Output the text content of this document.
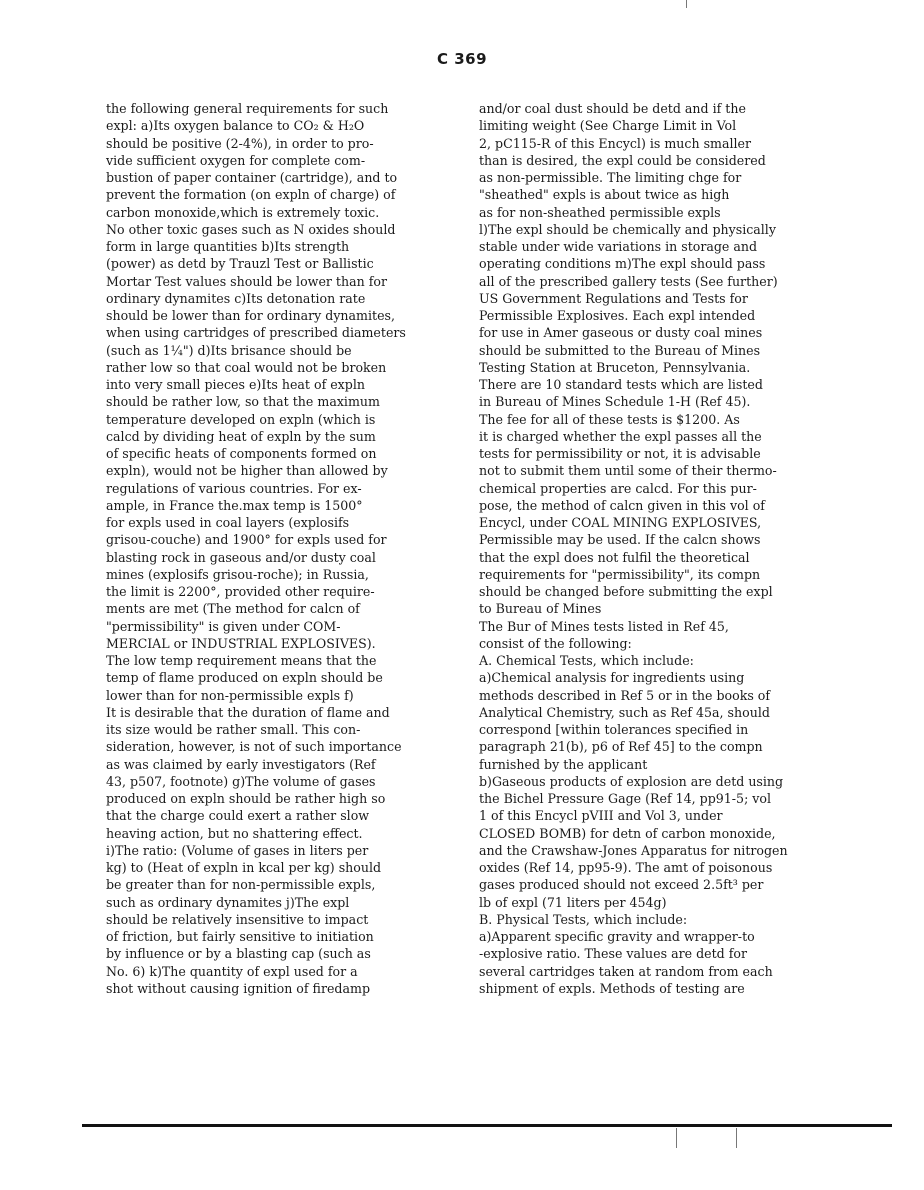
C 369
the following general requirements for such
expl: a)Its oxygen balance to CO₂ & H₂O
should be positive (2-4%), in order to pro-
vide sufficient oxygen for complete com-
bustion of paper container (cartridge), and to
prevent the formation (on expln of charge) of
carbon monoxide,which is extremely toxic.
No other toxic gases such as N oxides should
form in large quantities b)Its strength
(power) as detd by Trauzl Test or Ballistic
Mortar Test values should be lower than for
ordinary dynamites c)Its detonation rate
should be lower than for ordinary dynamites,
when using cartridges of prescribed diameters
(such as 1¼") d)Its brisance should be
rather low so that coal would not be broken
into very small pieces e)Its heat of expln
should be rather low, so that the maximum
temperature developed on expln (which is
calcd by dividing heat of expln by the sum
of specific heats of components formed on
expln), would not be higher than allowed by
regulations of various countries. For ex-
ample, in France the.max temp is 1500°
for expls used in coal layers (explosifs
grisou-couche) and 1900° for expls used for
blasting rock in gaseous and/or dusty coal
mines (explosifs grisou-roche); in Russia,
the limit is 2200°, provided other require-
ments are met (The method for calcn of
"permissibility" is given under COM-
MERCIAL or INDUSTRIAL EXPLOSIVES).
The low temp requirement means that the
temp of flame produced on expln should be
lower than for non-permissible expls f)
It is desirable that the duration of flame and
its size would be rather small. This con-
sideration, however, is not of such importance
as was claimed by early investigators (Ref
43, p507, footnote) g)The volume of gases
produced on expln should be rather high so
that the charge could exert a rather slow
heaving action, but no shattering effect.
i)The ratio: (Volume of gases in liters per
kg) to (Heat of expln in kcal per kg) should
be greater than for non-permissible expls,
such as ordinary dynamites j)The expl
should be relatively insensitive to impact
of friction, but fairly sensitive to initiation
by influence or by a blasting cap (such as
No. 6) k)The quantity of expl used for a
shot without causing ignition of firedamp
and/or coal dust should be detd and if the
limiting weight (See Charge Limit in Vol
2, pC115-R of this Encycl) is much smaller
than is desired, the expl could be considered
as non-permissible. The limiting chge for
"sheathed" expls is about twice as high
as for non-sheathed permissible expls
l)The expl should be chemically and physically
stable under wide variations in storage and
operating conditions m)The expl should pass
all of the prescribed gallery tests (See further)
US Government Regulations and Tests for
Permissible Explosives. Each expl intended
for use in Amer gaseous or dusty coal mines
should be submitted to the Bureau of Mines
Testing Station at Bruceton, Pennsylvania.
There are 10 standard tests which are listed
in Bureau of Mines Schedule 1-H (Ref 45).
The fee for all of these tests is $1200. As
it is charged whether the expl passes all the
tests for permissibility or not, it is advisable
not to submit them until some of their thermo-
chemical properties are calcd. For this pur-
pose, the method of calcn given in this vol of
Encycl, under COAL MINING EXPLOSIVES,
Permissible may be used. If the calcn shows
that the expl does not fulfil the theoretical
requirements for "permissibility", its compn
should be changed before submitting the expl
to Bureau of Mines
The Bur of Mines tests listed in Ref 45,
consist of the following:
A. Chemical Tests, which include:
a)Chemical analysis for ingredients using
methods described in Ref 5 or in the books of
Analytical Chemistry, such as Ref 45a, should
correspond [within tolerances specified in
paragraph 21(b), p6 of Ref 45] to the compn
furnished by the applicant
b)Gaseous products of explosion are detd using
the Bichel Pressure Gage (Ref 14, pp91-5; vol
1 of this Encycl pVIII and Vol 3, under
CLOSED BOMB) for detn of carbon monoxide,
and the Crawshaw-Jones Apparatus for nitrogen
oxides (Ref 14, pp95-9). The amt of poisonous
gases produced should not exceed 2.5ft³ per
lb of expl (71 liters per 454g)
B. Physical Tests, which include:
a)Apparent specific gravity and wrapper-to
-explosive ratio. These values are detd for
several cartridges taken at random from each
shipment of expls. Methods of testing are
